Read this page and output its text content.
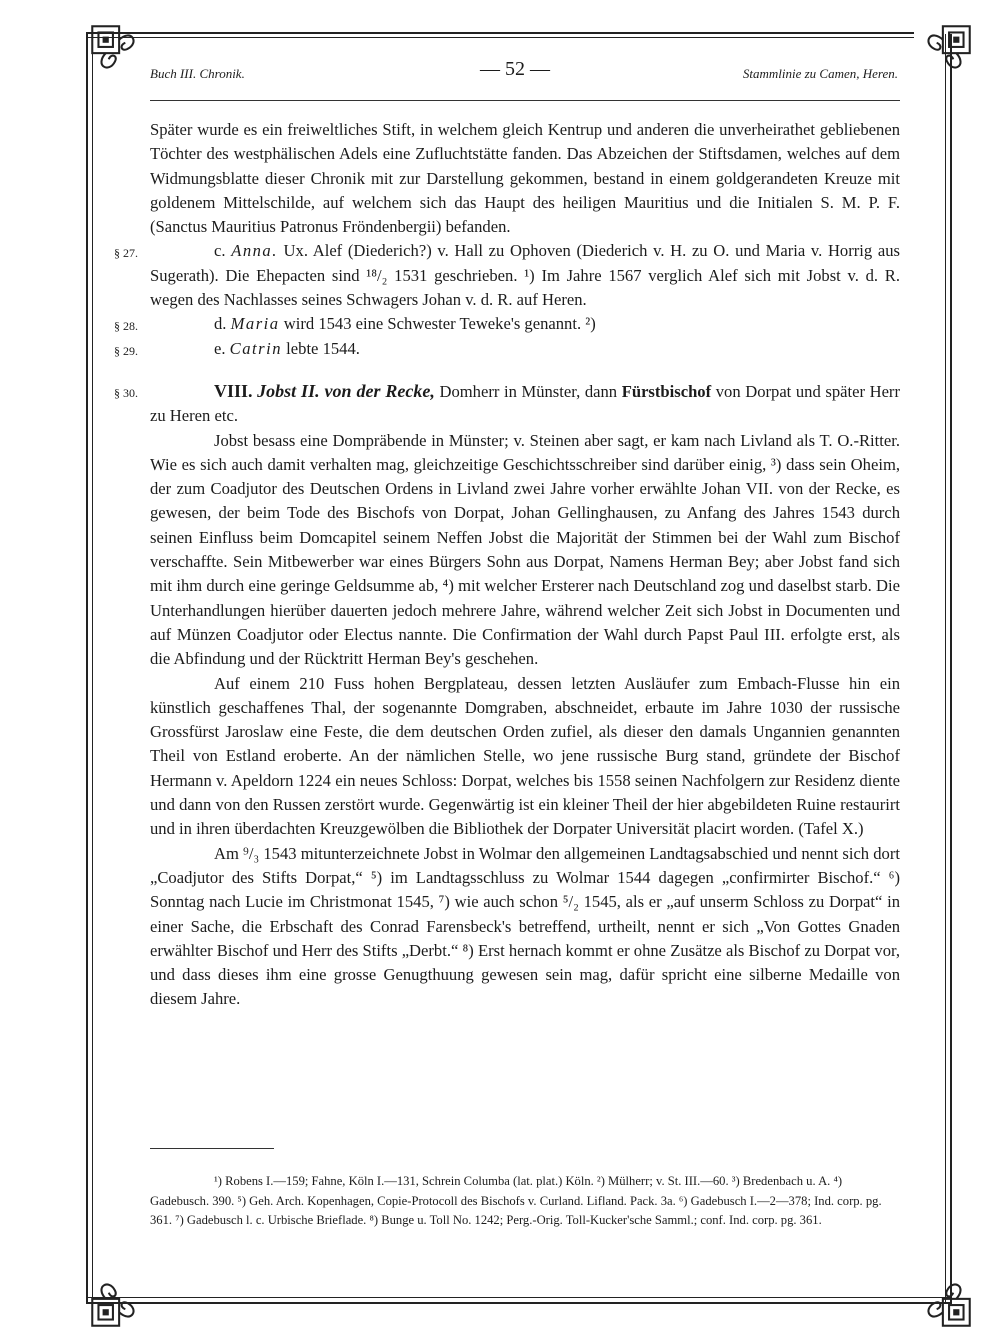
Buch III. Chronik.	— 52 —	Stammlinie zu Camen, Heren.

Später wurde es ein freiweltliches Stift, in welchem gleich Kentrup und anderen die unverheirathet gebliebenen Töchter des westphälischen Adels eine Zufluchtstätte fanden. Das Abzeichen der Stiftsdamen, welches auf dem Widmungsblatte dieser Chronik mit zur Darstellung gekommen, bestand in einem goldgerandeten Kreuze mit goldenem Mittelschilde, auf welchem sich das Haupt des heiligen Mauritius und die Initialen S. M. P. F. (Sanctus Mauritius Patronus Fröndenbergii) befanden.

§ 27.	c. Anna. Ux. Alef (Diederich?) v. Hall zu Ophoven (Diederich v. H. zu O. und Maria v. Horrig aus Sugerath). Die Ehepacten sind ¹⁸/₂ 1531 geschrieben. ¹) Im Jahre 1567 verglich Alef sich mit Jobst v. d. R. wegen des Nachlasses seines Schwagers Johan v. d. R. auf Heren.

§ 28.	d. Maria wird 1543 eine Schwester Teweke's genannt. ²)

§ 29.	e. Catrin lebte 1544.

§ 30.	VIII. Jobst II. von der Recke, Domherr in Münster, dann Fürstbischof von Dorpat und später Herr zu Heren etc.

Jobst besass eine Dompräbende in Münster; v. Steinen aber sagt, er kam nach Livland als T. O.-Ritter. Wie es sich auch damit verhalten mag, gleichzeitige Geschichtsschreiber sind darüber einig, ³) dass sein Oheim, der zum Coadjutor des Deutschen Ordens in Livland zwei Jahre vorher erwählte Johan VII. von der Recke, es gewesen, der beim Tode des Bischofs von Dorpat, Johan Gellinghausen, zu Anfang des Jahres 1543 durch seinen Einfluss beim Domcapitel seinem Neffen Jobst die Majorität der Stimmen bei der Wahl zum Bischof verschaffte. Sein Mitbewerber war eines Bürgers Sohn aus Dorpat, Namens Herman Bey; aber Jobst fand sich mit ihm durch eine geringe Geldsumme ab, ⁴) mit welcher Ersterer nach Deutschland zog und daselbst starb. Die Unterhandlungen hierüber dauerten jedoch mehrere Jahre, während welcher Zeit sich Jobst in Documenten und auf Münzen Coadjutor oder Electus nannte. Die Confirmation der Wahl durch Papst Paul III. erfolgte erst, als die Abfindung und der Rücktritt Herman Bey's geschehen.

Auf einem 210 Fuss hohen Bergplateau, dessen letzten Ausläufer zum Embach-Flusse hin ein künstlich geschaffenes Thal, der sogenannte Domgraben, abschneidet, erbaute im Jahre 1030 der russische Grossfürst Jaroslaw eine Feste, die dem deutschen Orden zufiel, als dieser den damals Ungannien genannten Theil von Estland eroberte. An der nämlichen Stelle, wo jene russische Burg stand, gründete der Bischof Hermann v. Apeldorn 1224 ein neues Schloss: Dorpat, welches bis 1558 seinen Nachfolgern zur Residenz diente und dann von den Russen zerstört wurde. Gegenwärtig ist ein kleiner Theil der hier abgebildeten Ruine restaurirt und in ihren überdachten Kreuzgewölben die Bibliothek der Dorpater Universität placirt worden. (Tafel X.)

Am ⁹/₃ 1543 mitunterzeichnete Jobst in Wolmar den allgemeinen Landtagsabschied und nennt sich dort „Coadjutor des Stifts Dorpat,“ ⁵) im Landtagsschluss zu Wolmar 1544 dagegen „confirmirter Bischof.“ ⁶) Sonntag nach Lucie im Christmonat 1545, ⁷) wie auch schon ⁵/₂ 1545, als er „auf unserm Schloss zu Dorpat“ in einer Sache, die Erbschaft des Conrad Farensbeck's betreffend, urtheilt, nennt er sich „Von Gottes Gnaden erwählter Bischof und Herr des Stifts „Derbt.“ ⁸) Erst hernach kommt er ohne Zusätze als Bischof zu Dorpat vor, und dass dieses ihm eine grosse Genugthuung gewesen sein mag, dafür spricht eine silberne Medaille von diesem Jahre.

¹) Robens I.—159; Fahne, Köln I.—131, Schrein Columba (lat. plat.) Köln. ²) Mülherr; v. St. III.—60. ³) Bredenbach u. A. ⁴) Gadebusch. 390. ⁵) Geh. Arch. Kopenhagen, Copie-Protocoll des Bischofs v. Curland. Lifland. Pack. 3a. ⁶) Gadebusch I.—2—378; Ind. corp. pg. 361. ⁷) Gadebusch l. c. Urbische Brieflade. ⁸) Bunge u. Toll No. 1242; Perg.-Orig. Toll-Kucker'sche Samml.; conf. Ind. corp. pg. 361.
